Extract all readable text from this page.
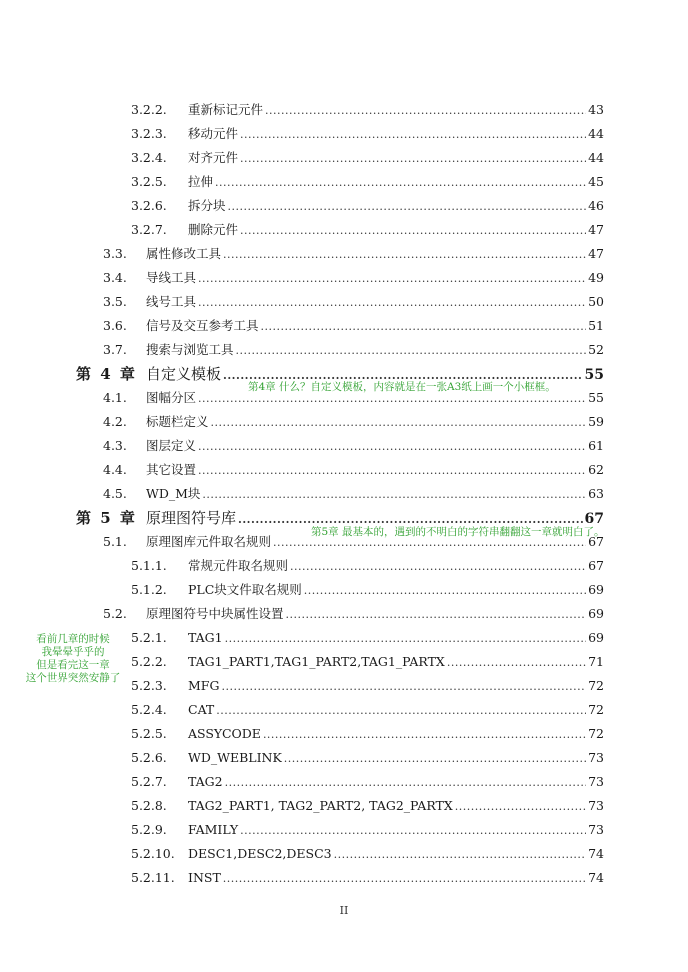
3.2.2. 重新标记元件 .....	43
3.2.3. 移动元件 .....	44
3.2.4. 对齐元件 .....	44
3.2.5. 拉伸 .....	45
3.2.6. 拆分块 .....	46
3.2.7. 删除元件 .....	47
3.3. 属性修改工具 .....	47
3.4. 导线工具 .....	49
3.5. 线号工具 .....	50
3.6. 信号及交互参考工具 .....	51
3.7. 搜索与浏览工具 .....	52
第 4 章 自定义模板 .....	55
4.1. 图幅分区 .....	55
4.2. 标题栏定义 .....	59
4.3. 图层定义 .....	61
4.4. 其它设置 .....	62
4.5. WD_M块 .....	63
第 5 章 原理图符号库 .....	67
5.1. 原理图库元件取名规则 .....	67
5.1.1. 常规元件取名规则 .....	67
5.1.2. PLC块文件取名规则 .....	69
5.2. 原理图符号中块属性设置 .....	69
5.2.1. TAG1 .....	69
5.2.2. TAG1_PART1,TAG1_PART2,TAG1_PARTX .....	71
5.2.3. MFG .....	72
5.2.4. CAT .....	72
5.2.5. ASSYCODE .....	72
5.2.6. WD_WEBLINK .....	73
5.2.7. TAG2 .....	73
5.2.8. TAG2_PART1, TAG2_PART2, TAG2_PARTX .....	73
5.2.9. FAMILY .....	73
5.2.10. DESC1,DESC2,DESC3 .....	74
5.2.11. INST .....	74
第4章 什么？自定义模板，内容就是在一张A3纸上画一个小框框。
第5章 最基本的，遇到的不明白的字符串翻翻这一章就明白了。
看前几章的时候
我晕晕乎乎的
但是看完这一章
这个世界突然安静了
II
